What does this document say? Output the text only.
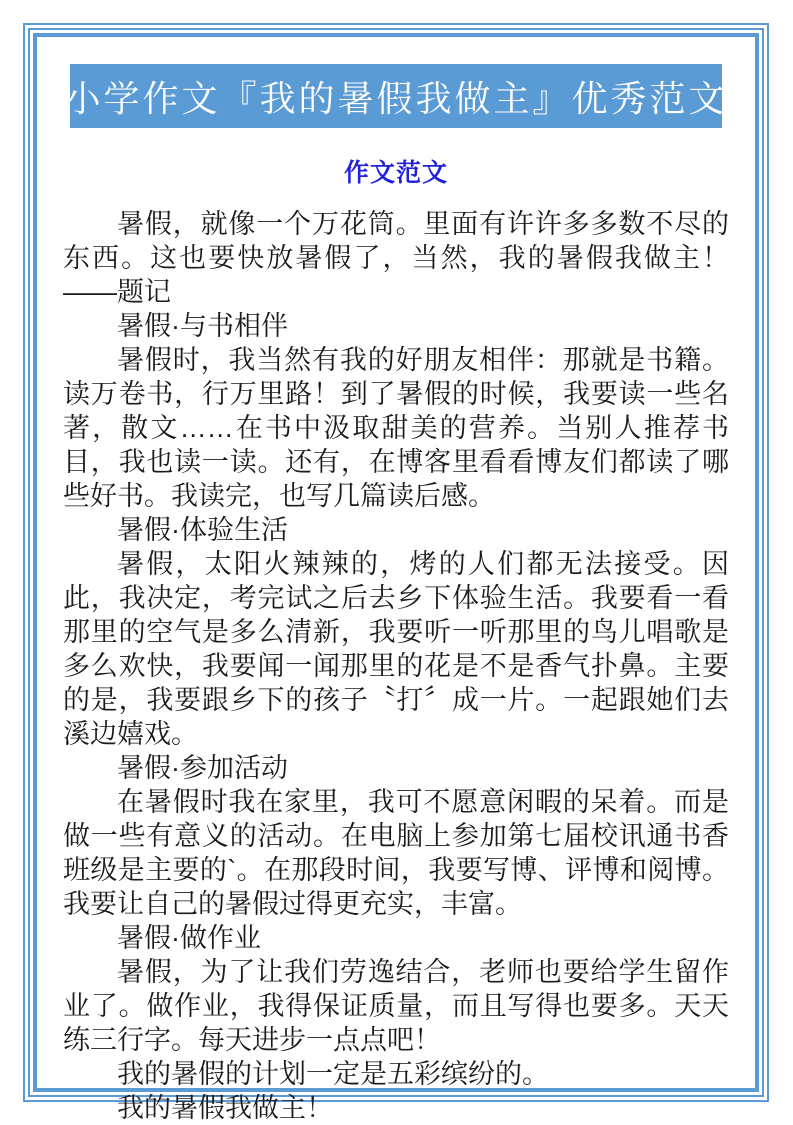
小学作文『我的暑假我做主』优秀范文
作文范文

暑假，就像一个万花筒。里面有许许多多数不尽的东西。这也要快放暑假了，当然，我的暑假我做主！——题记

暑假·与书相伴

暑假时，我当然有我的好朋友相伴：那就是书籍。读万卷书，行万里路！到了暑假的时候，我要读一些名著，散文……在书中汲取甜美的营养。当别人推荐书目，我也读一读。还有，在博客里看看博友们都读了哪些好书。我读完，也写几篇读后感。

暑假·体验生活

暑假，太阳火辣辣的，烤的人们都无法接受。因此，我决定，考完试之后去乡下体验生活。我要看一看那里的空气是多么清新，我要听一听那里的鸟儿唱歌是多么欢快，我要闻一闻那里的花是不是香气扑鼻。主要的是，我要跟乡下的孩子〝打〞成一片。一起跟她们去溪边嬉戏。

暑假·参加活动

在暑假时我在家里，我可不愿意闲暇的呆着。而是做一些有意义的活动。在电脑上参加第七届校讯通书香班级是主要的`。在那段时间，我要写博、评博和阅博。我要让自己的暑假过得更充实，丰富。

暑假·做作业

暑假，为了让我们劳逸结合，老师也要给学生留作业了。做作业，我得保证质量，而且写得也要多。天天练三行字。每天进步一点点吧！

我的暑假的计划一定是五彩缤纷的。

我的暑假我做主！
